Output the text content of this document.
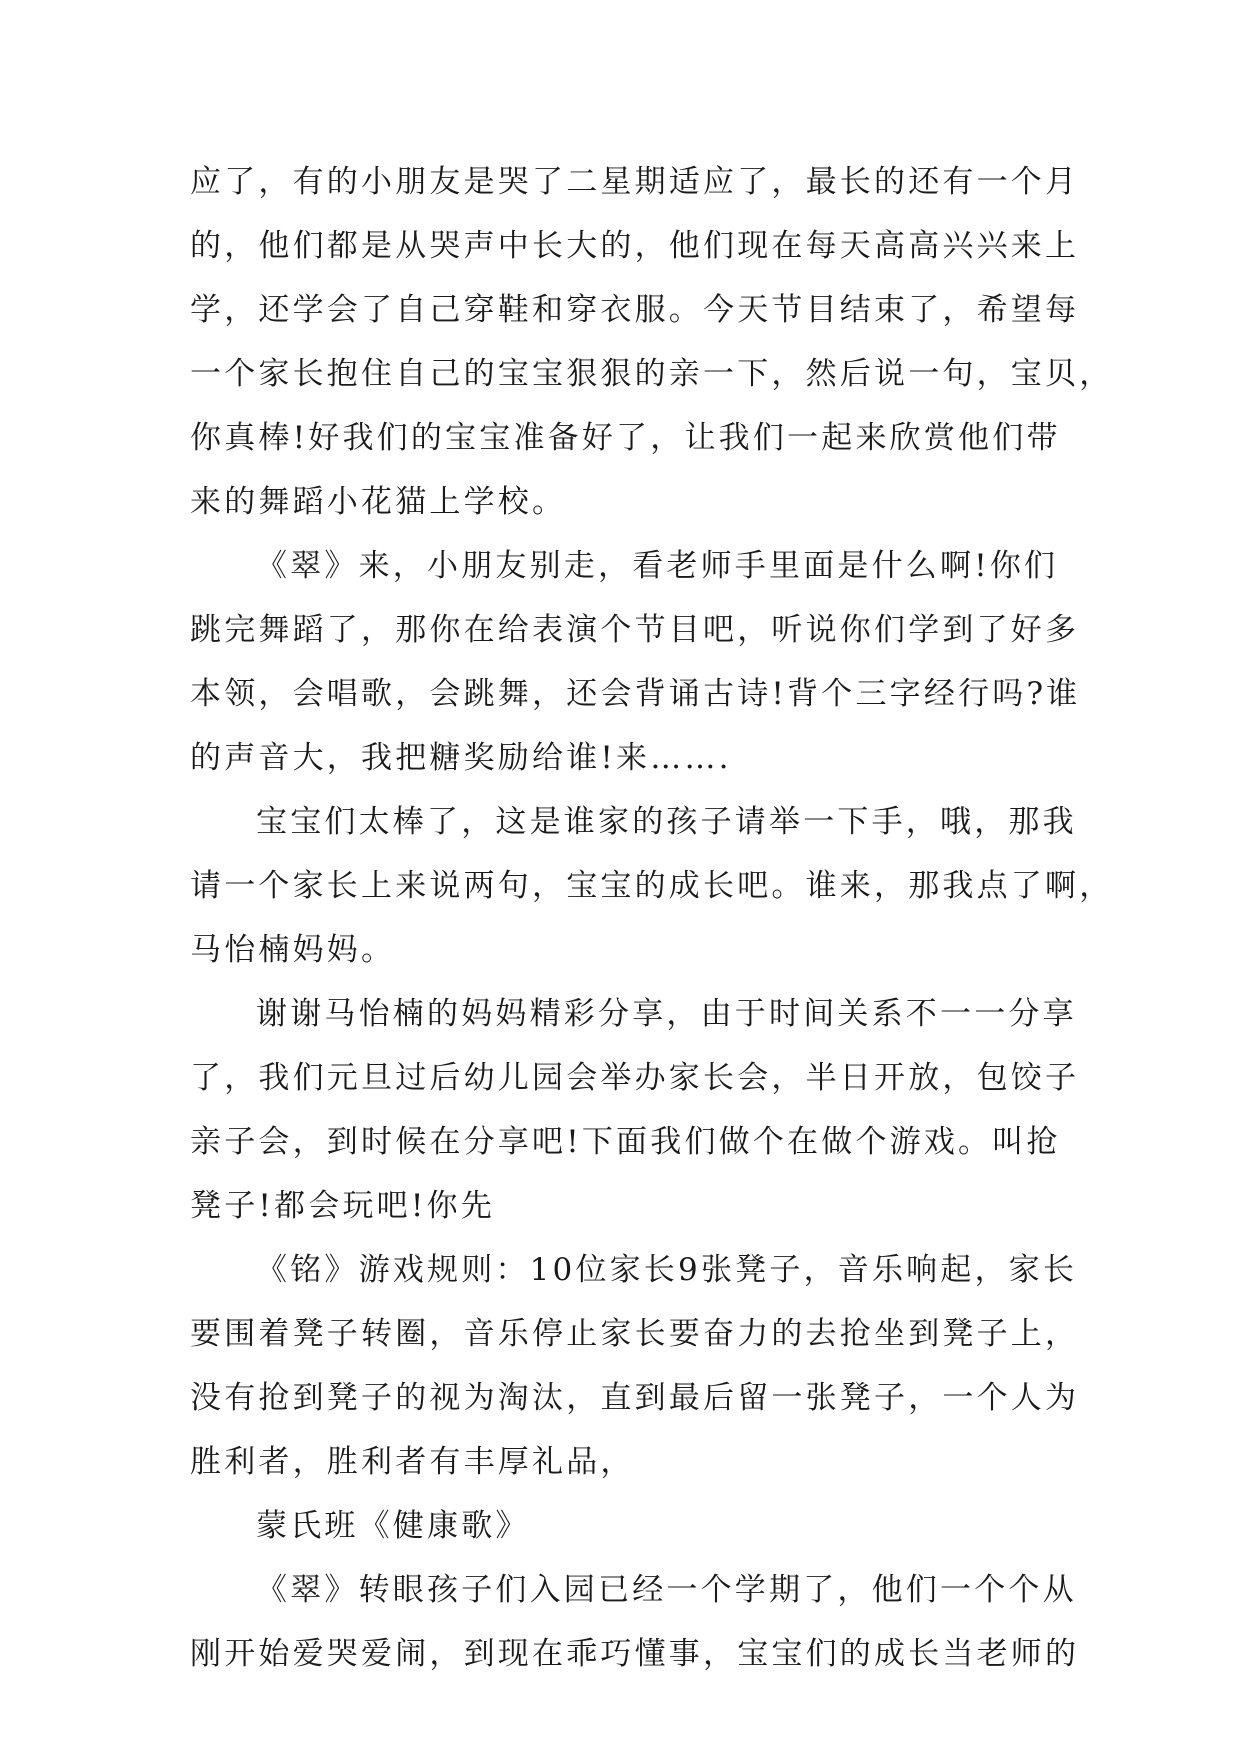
应了，有的小朋友是哭了二星期适应了，最长的还有一个月
的，他们都是从哭声中长大的，他们现在每天高高兴兴来上
学，还学会了自己穿鞋和穿衣服。今天节目结束了，希望每
一个家长抱住自己的宝宝狠狠的亲一下，然后说一句，宝贝，
你真棒!好我们的宝宝准备好了，让我们一起来欣赏他们带
来的舞蹈小花猫上学校。
《翠》来，小朋友别走，看老师手里面是什么啊!你们
跳完舞蹈了，那你在给表演个节目吧，听说你们学到了好多
本领，会唱歌，会跳舞，还会背诵古诗!背个三字经行吗?谁
的声音大，我把糖奖励给谁!来…….
宝宝们太棒了，这是谁家的孩子请举一下手，哦，那我
请一个家长上来说两句，宝宝的成长吧。谁来，那我点了啊，
马怡楠妈妈。
谢谢马怡楠的妈妈精彩分享，由于时间关系不一一分享
了，我们元旦过后幼儿园会举办家长会，半日开放，包饺子
亲子会，到时候在分享吧!下面我们做个在做个游戏。叫抢
凳子!都会玩吧!你先
《铭》游戏规则：10位家长9张凳子，音乐响起，家长
要围着凳子转圈，音乐停止家长要奋力的去抢坐到凳子上，
没有抢到凳子的视为淘汰，直到最后留一张凳子，一个人为
胜利者，胜利者有丰厚礼品，
蒙氏班《健康歌》
《翠》转眼孩子们入园已经一个学期了，他们一个个从
刚开始爱哭爱闹，到现在乖巧懂事，宝宝们的成长当老师的
